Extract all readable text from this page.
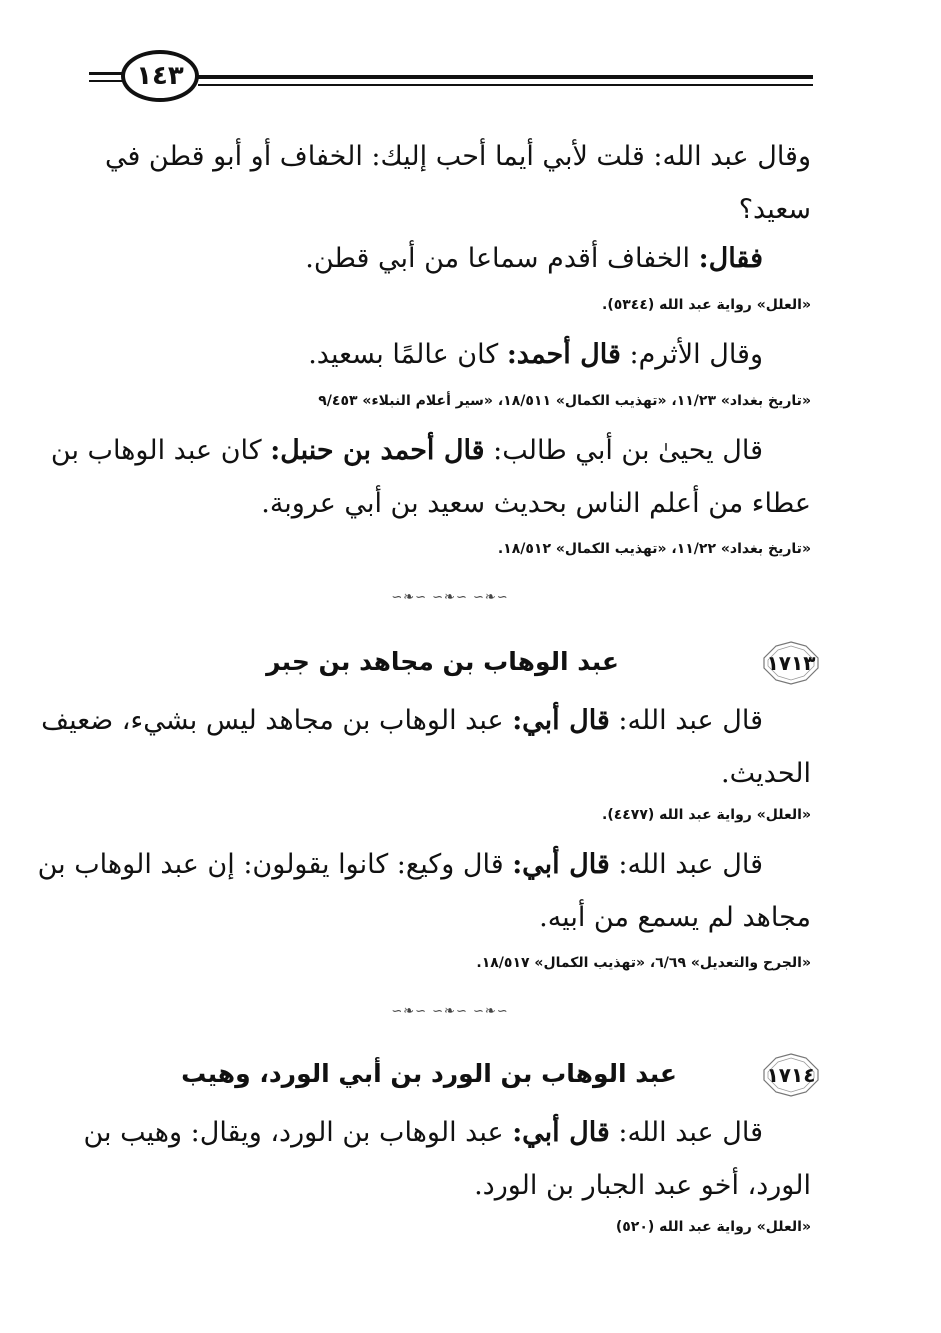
١٤٣
وقال عبد الله: قلت لأبي أيما أحب إليك: الخفاف أو أبو قطن في
سعيد؟
فقال: الخفاف أقدم سماعا من أبي قطن.
«العلل» رواية عبد الله (٥٣٤٤).
وقال الأثرم: قال أحمد: كان عالمًا بسعيد.
«تاريخ بغداد» ١١/٢٣، «تهذيب الكمال» ١٨/٥١١، «سير أعلام النبلاء» ٩/٤٥٣
قال يحيىٰ بن أبي طالب: قال أحمد بن حنبل: كان عبد الوهاب بن
عطاء من أعلم الناس بحديث سعيد بن أبي عروبة.
«تاريخ بغداد» ١١/٢٢، «تهذيب الكمال» ١٨/٥١٢.
∽❧∽ ∽❧∽ ∽❧∽
١٧١٣
عبد الوهاب بن مجاهد بن جبر
قال عبد الله: قال أبي: عبد الوهاب بن مجاهد ليس بشيء، ضعيف
الحديث.
«العلل» رواية عبد الله (٤٤٧٧).
قال عبد الله: قال أبي: قال وكيع: كانوا يقولون: إن عبد الوهاب بن
مجاهد لم يسمع من أبيه.
«الجرح والتعديل» ٦/٦٩، «تهذيب الكمال» ١٨/٥١٧.
∽❧∽ ∽❧∽ ∽❧∽
١٧١٤
عبد الوهاب بن الورد بن أبي الورد، وهيب
قال عبد الله: قال أبي: عبد الوهاب بن الورد، ويقال: وهيب بن
الورد، أخو عبد الجبار بن الورد.
«العلل» رواية عبد الله (٥٢٠)
